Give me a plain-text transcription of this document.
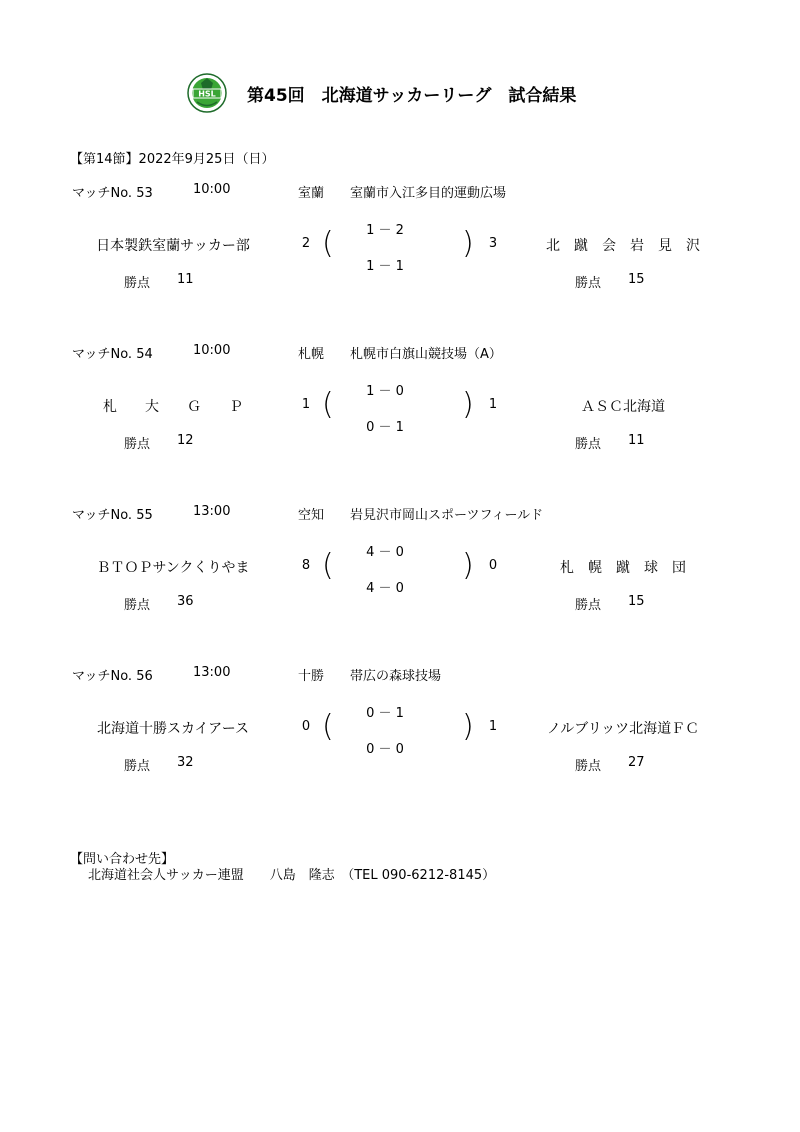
HSL 第45回　北海道サッカーリーグ　試合結果
【第14節】2022年9月25日（日）
マッチNo. 53	10:00	室蘭 室蘭市入江多目的運動広場
日本製鉄室蘭サッカー部	2 (	1 － 2
1 － 1
)	3	北　蹴　会　岩　見　沢
勝点 11	勝点 15
マッチNo. 54	10:00	札幌 札幌市白旗山競技場（A）
札　　大　　Ｇ　　Ｐ	1 (	1 － 0
0 － 1
)	1	ＡＳＣ北海道
勝点 12	勝点 11
マッチNo. 55	13:00	空知 岩見沢市岡山スポーツフィールド
ＢＴＯＰサンクくりやま	8 (	4 － 0
4 － 0
)	0	札　幌　蹴　球　団
勝点 36	勝点 15
マッチNo. 56	13:00	十勝 帯広の森球技場
北海道十勝スカイアース	0 (	0 － 1
0 － 0
)	1	ノルブリッツ北海道ＦＣ
勝点 32	勝点 27
【問い合わせ先】
北海道社会人サッカー連盟　　八島　隆志　（TEL 090-6212-8145）
